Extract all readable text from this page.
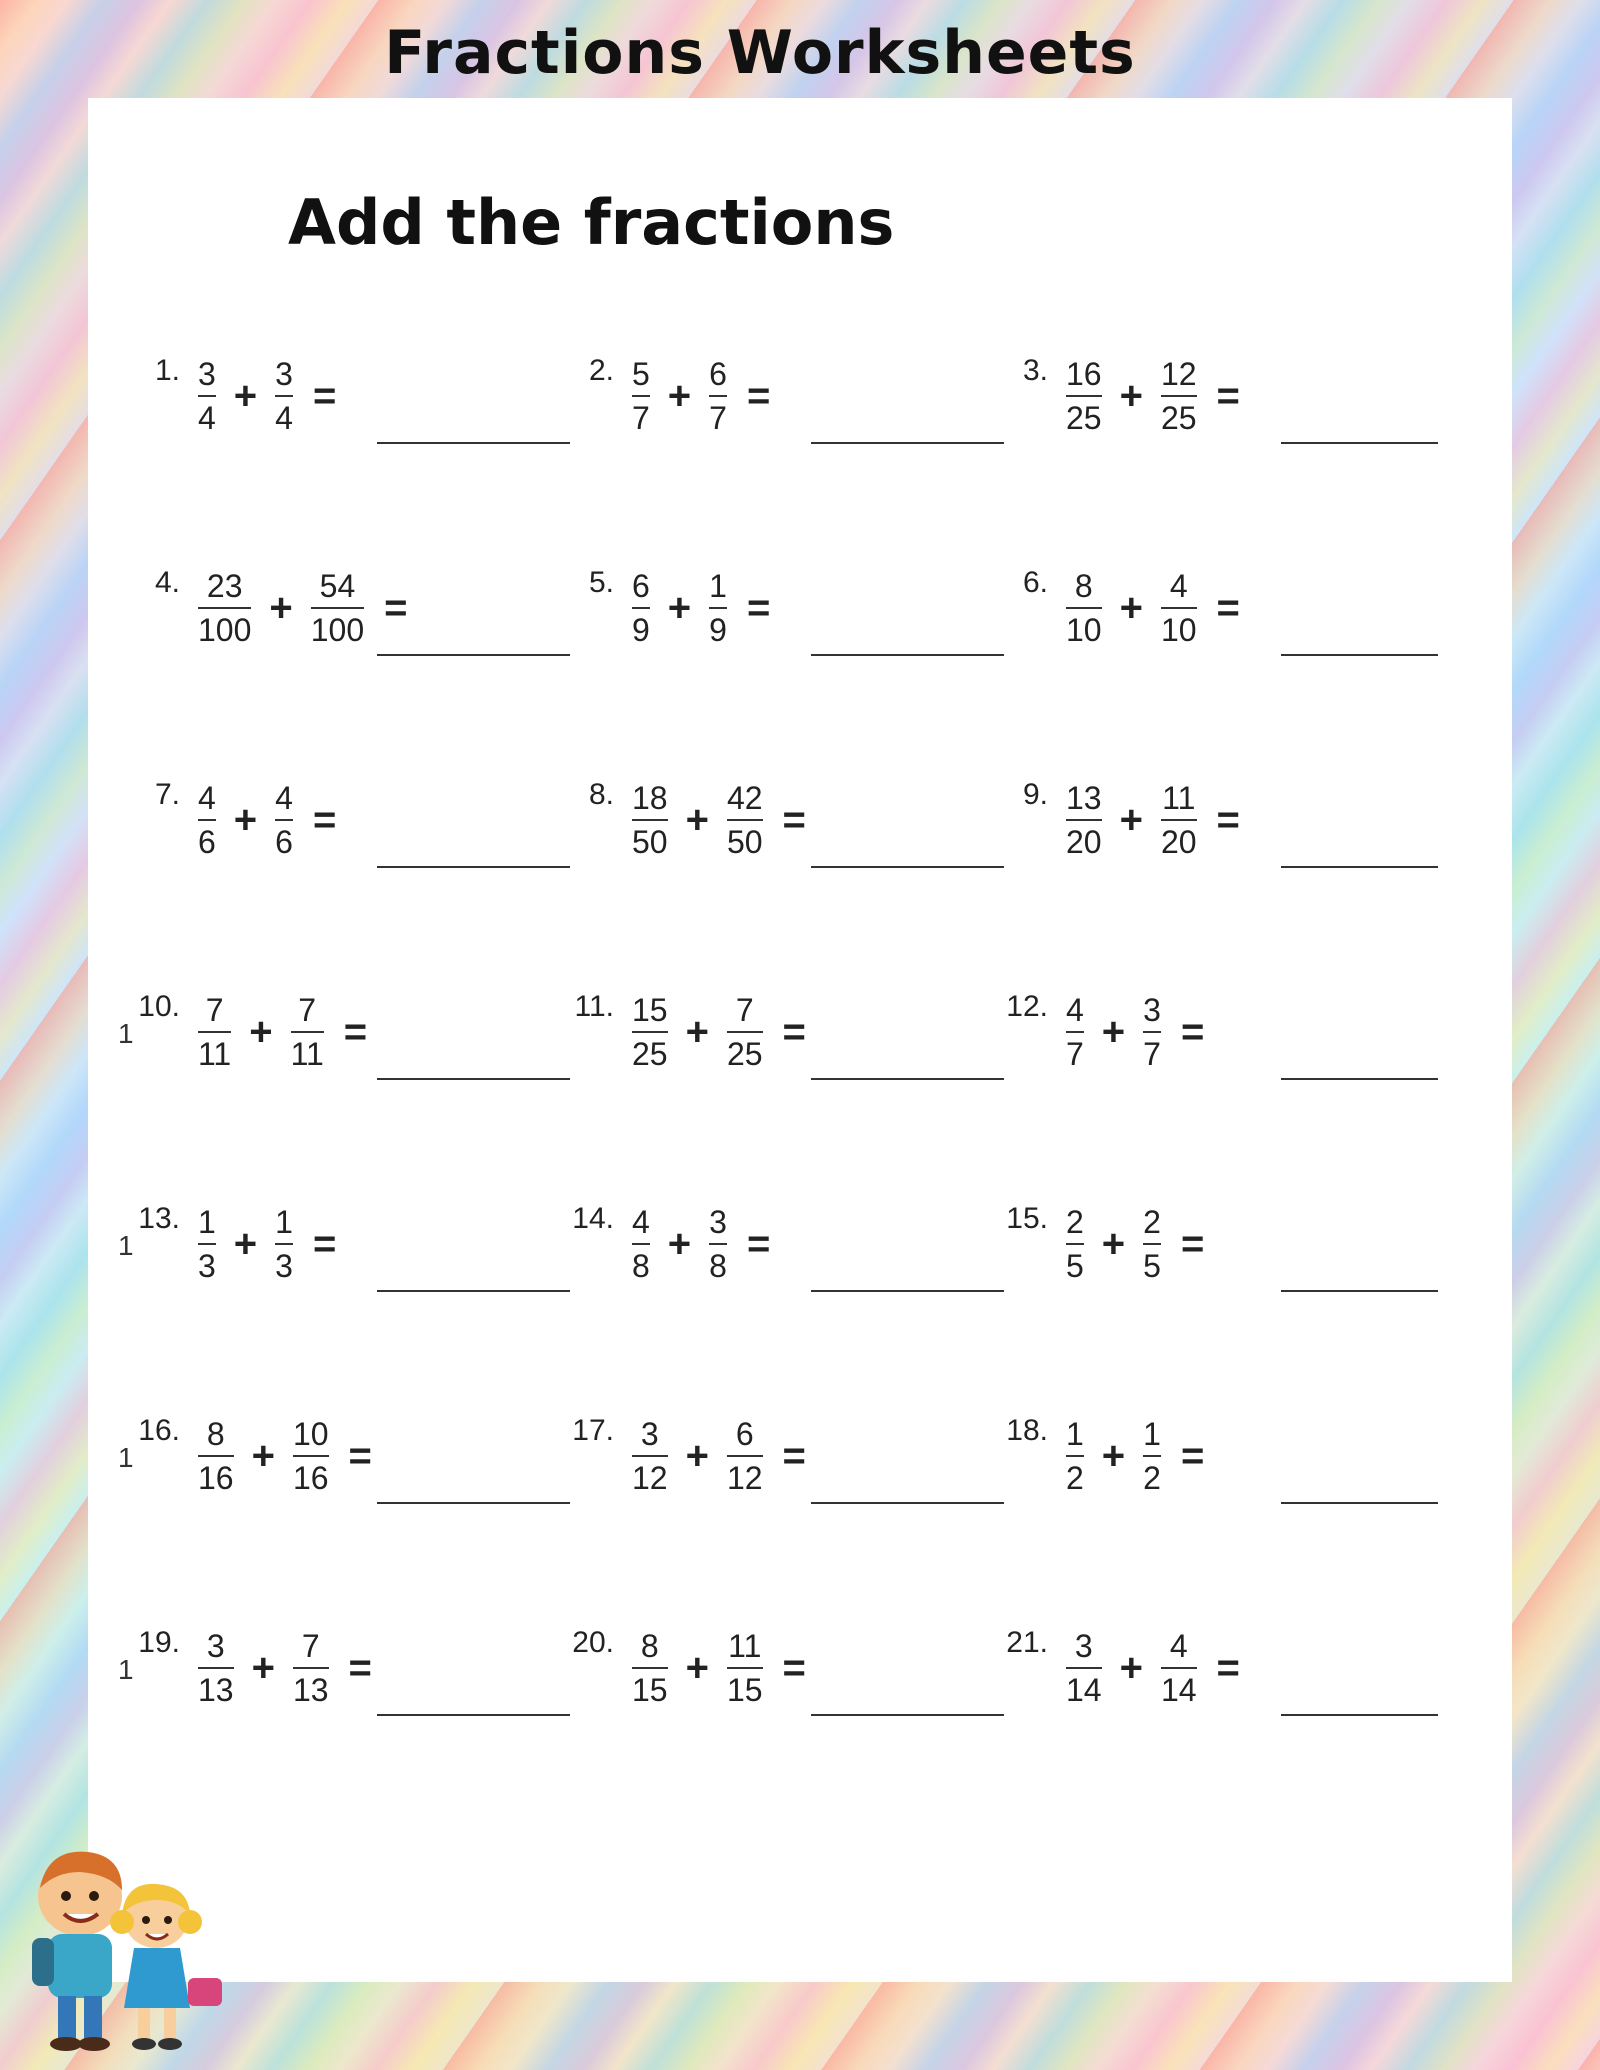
Fractions Worksheets
Add the fractions
1. $\frac{3}{4} + \frac{3}{4}$ =
2. $\frac{5}{7} + \frac{6}{7}$ =
3. $\frac{16}{25} + \frac{12}{25}$ =
4. $\frac{23}{100} + \frac{54}{100}$ =
5. $\frac{6}{9} + \frac{1}{9}$ =
6. $\frac{8}{10} + \frac{4}{10}$ =
7. $\frac{4}{6} + \frac{4}{6}$ =
8. $\frac{18}{50} + \frac{42}{50}$ =
9. $\frac{13}{20} + \frac{11}{20}$ =
10. $\frac{7}{11} + \frac{7}{11}$ =
11. $\frac{15}{25} + \frac{7}{25}$ =
12. $\frac{4}{7} + \frac{3}{7}$ =
13. $\frac{1}{3} + \frac{1}{3}$ =
14. $\frac{4}{8} + \frac{3}{8}$ =
15. $\frac{2}{5} + \frac{2}{5}$ =
16. $\frac{8}{16} + \frac{10}{16}$ =
17. $\frac{3}{12} + \frac{6}{12}$ =
18. $\frac{1}{2} + \frac{1}{2}$ =
19. $\frac{3}{13} + \frac{7}{13}$ =
20. $\frac{8}{15} + \frac{11}{15}$ =
21. $\frac{3}{14} + \frac{4}{14}$ =
1
1
1
1
